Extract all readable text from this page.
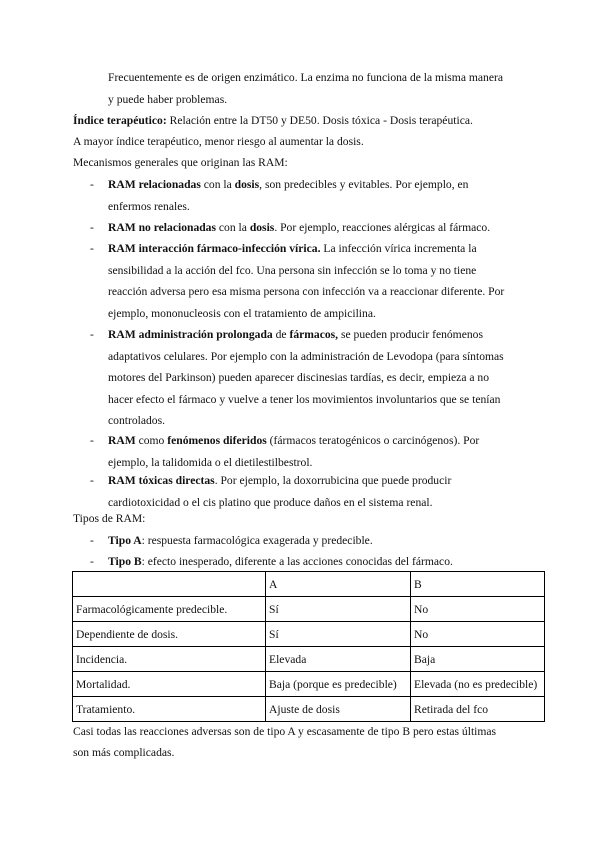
Frecuentemente es de origen enzimático. La enzima no funciona de la misma manera

y puede haber problemas.

Índice terapéutico: Relación entre la DT50 y DE50. Dosis tóxica - Dosis terapéutica.

A mayor índice terapéutico, menor riesgo al aumentar la dosis.

Mecanismos generales que originan las RAM:

- RAM relacionadas con la dosis, son predecibles y evitables. Por ejemplo, en

enfermos renales.

- RAM no relacionadas con la dosis. Por ejemplo, reacciones alérgicas al fármaco.

- RAM interacción fármaco-infección vírica. La infección vírica incrementa la

sensibilidad a la acción del fco. Una persona sin infección se lo toma y no tiene

reacción adversa pero esa misma persona con infección va a reaccionar diferente. Por

ejemplo, mononucleosis con el tratamiento de ampicilina.

- RAM administración prolongada de fármacos, se pueden producir fenómenos

adaptativos celulares. Por ejemplo con la administración de Levodopa (para síntomas

motores del Parkinson) pueden aparecer discinesias tardías, es decir, empieza a no

hacer efecto el fármaco y vuelve a tener los movimientos involuntarios que se tenían

controlados.

- RAM como fenómenos diferidos (fármacos teratogénicos o carcinógenos). Por

ejemplo, la talidomida o el dietilestilbestrol.

- RAM tóxicas directas. Por ejemplo, la doxorrubicina que puede producir

cardiotoxicidad o el cis platino que produce daños en el sistema renal.

Tipos de RAM:

- Tipo A: respuesta farmacológica exagerada y predecible.

- Tipo B: efecto inesperado, diferente a las acciones conocidas del fármaco.

	A	B
Farmacológicamente predecible.	Sí	No
Dependiente de dosis.	Sí	No
Incidencia.	Elevada	Baja
Mortalidad.	Baja (porque es predecible)	Elevada (no es predecible)
Tratamiento.	Ajuste de dosis	Retirada del fco

Casi todas las reacciones adversas son de tipo A y escasamente de tipo B pero estas últimas

son más complicadas.
